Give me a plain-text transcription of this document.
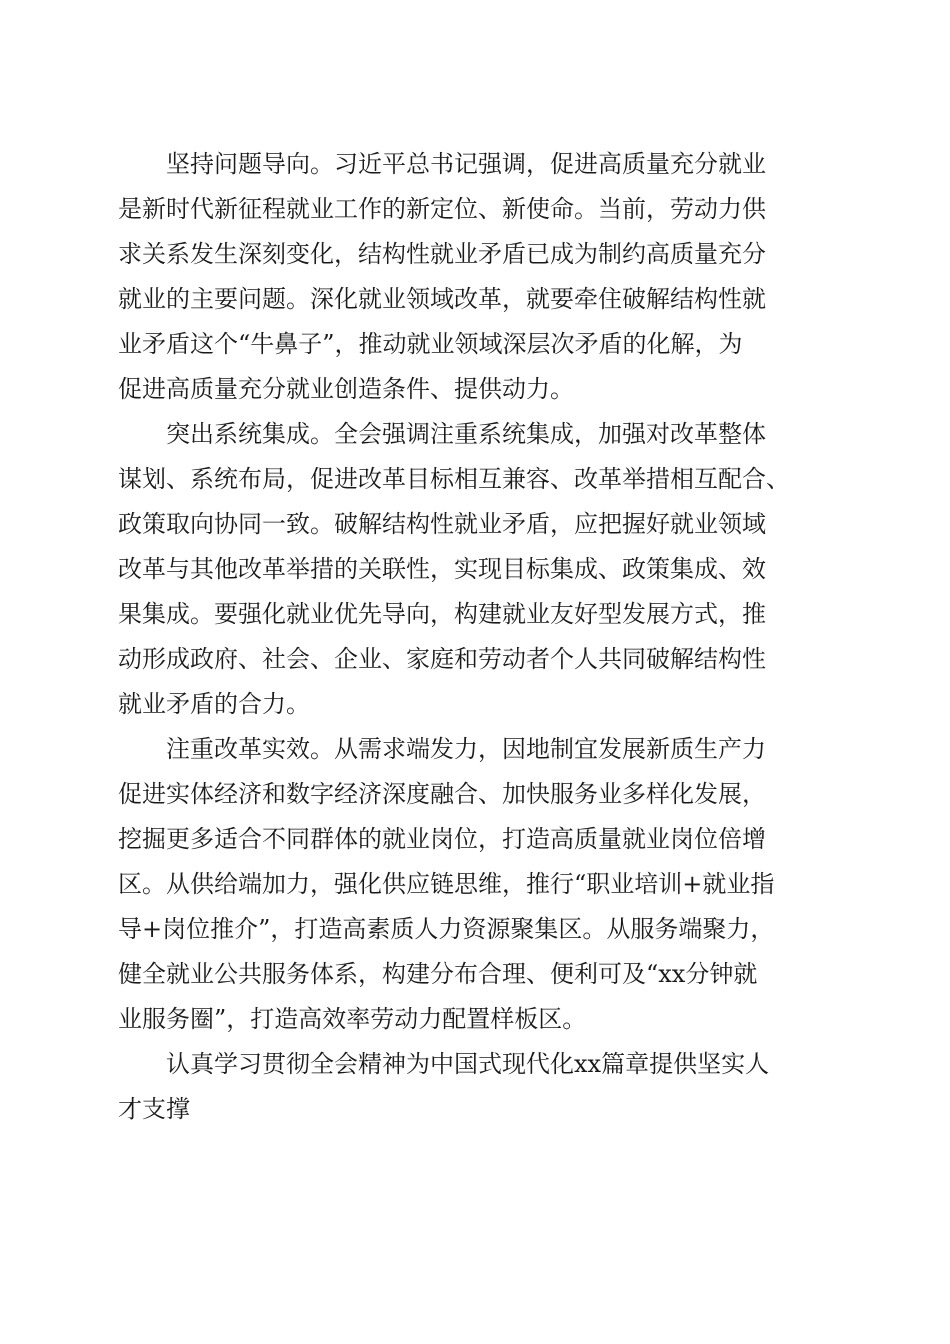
坚持问题导向。习近平总书记强调，促进高质量充分就业
是新时代新征程就业工作的新定位、新使命。当前，劳动力供
求关系发生深刻变化，结构性就业矛盾已成为制约高质量充分
就业的主要问题。深化就业领域改革，就要牵住破解结构性就
业矛盾这个“牛鼻子”，推动就业领域深层次矛盾的化解，为
促进高质量充分就业创造条件、提供动力。
突出系统集成。全会强调注重系统集成，加强对改革整体
谋划、系统布局，促进改革目标相互兼容、改革举措相互配合、
政策取向协同一致。破解结构性就业矛盾，应把握好就业领域
改革与其他改革举措的关联性，实现目标集成、政策集成、效
果集成。要强化就业优先导向，构建就业友好型发展方式，推
动形成政府、社会、企业、家庭和劳动者个人共同破解结构性
就业矛盾的合力。
注重改革实效。从需求端发力，因地制宜发展新质生产力
促进实体经济和数字经济深度融合、加快服务业多样化发展，
挖掘更多适合不同群体的就业岗位，打造高质量就业岗位倍增
区。从供给端加力，强化供应链思维，推行“职业培训+就业指
导+岗位推介”，打造高素质人力资源聚集区。从服务端聚力，
健全就业公共服务体系，构建分布合理、便利可及“xx分钟就
业服务圈”，打造高效率劳动力配置样板区。
认真学习贯彻全会精神为中国式现代化xx篇章提供坚实人
才支撑
